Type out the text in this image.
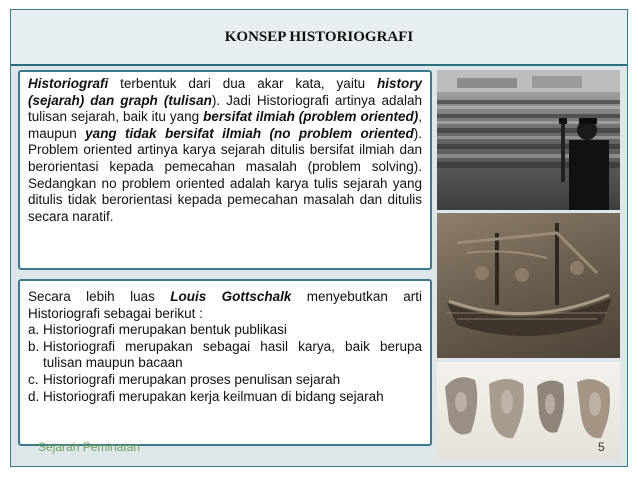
KONSEP HISTORIOGRAFI
Historiografi terbentuk dari dua akar kata, yaitu history (sejarah) dan graph (tulisan). Jadi Historiografi artinya adalah tulisan sejarah, baik itu yang bersifat ilmiah (problem oriented), maupun yang tidak bersifat ilmiah (no problem oriented). Problem oriented artinya karya sejarah ditulis bersifat ilmiah dan berorientasi kepada pemecahan masalah (problem solving). Sedangkan no problem oriented adalah karya tulis sejarah yang ditulis tidak berorientasi kepada pemecahan masalah dan ditulis secara naratif.
Secara lebih luas Louis Gottschalk menyebutkan arti Historiografi sebagai berikut :
a. Historiografi merupakan bentuk publikasi
b. Historiografi merupakan sebagai hasil karya, baik berupa tulisan maupun bacaan
c. Historiografi merupakan proses penulisan sejarah
d. Historiografi merupakan kerja keilmuan di bidang sejarah
Sejarah Peminatan	5
